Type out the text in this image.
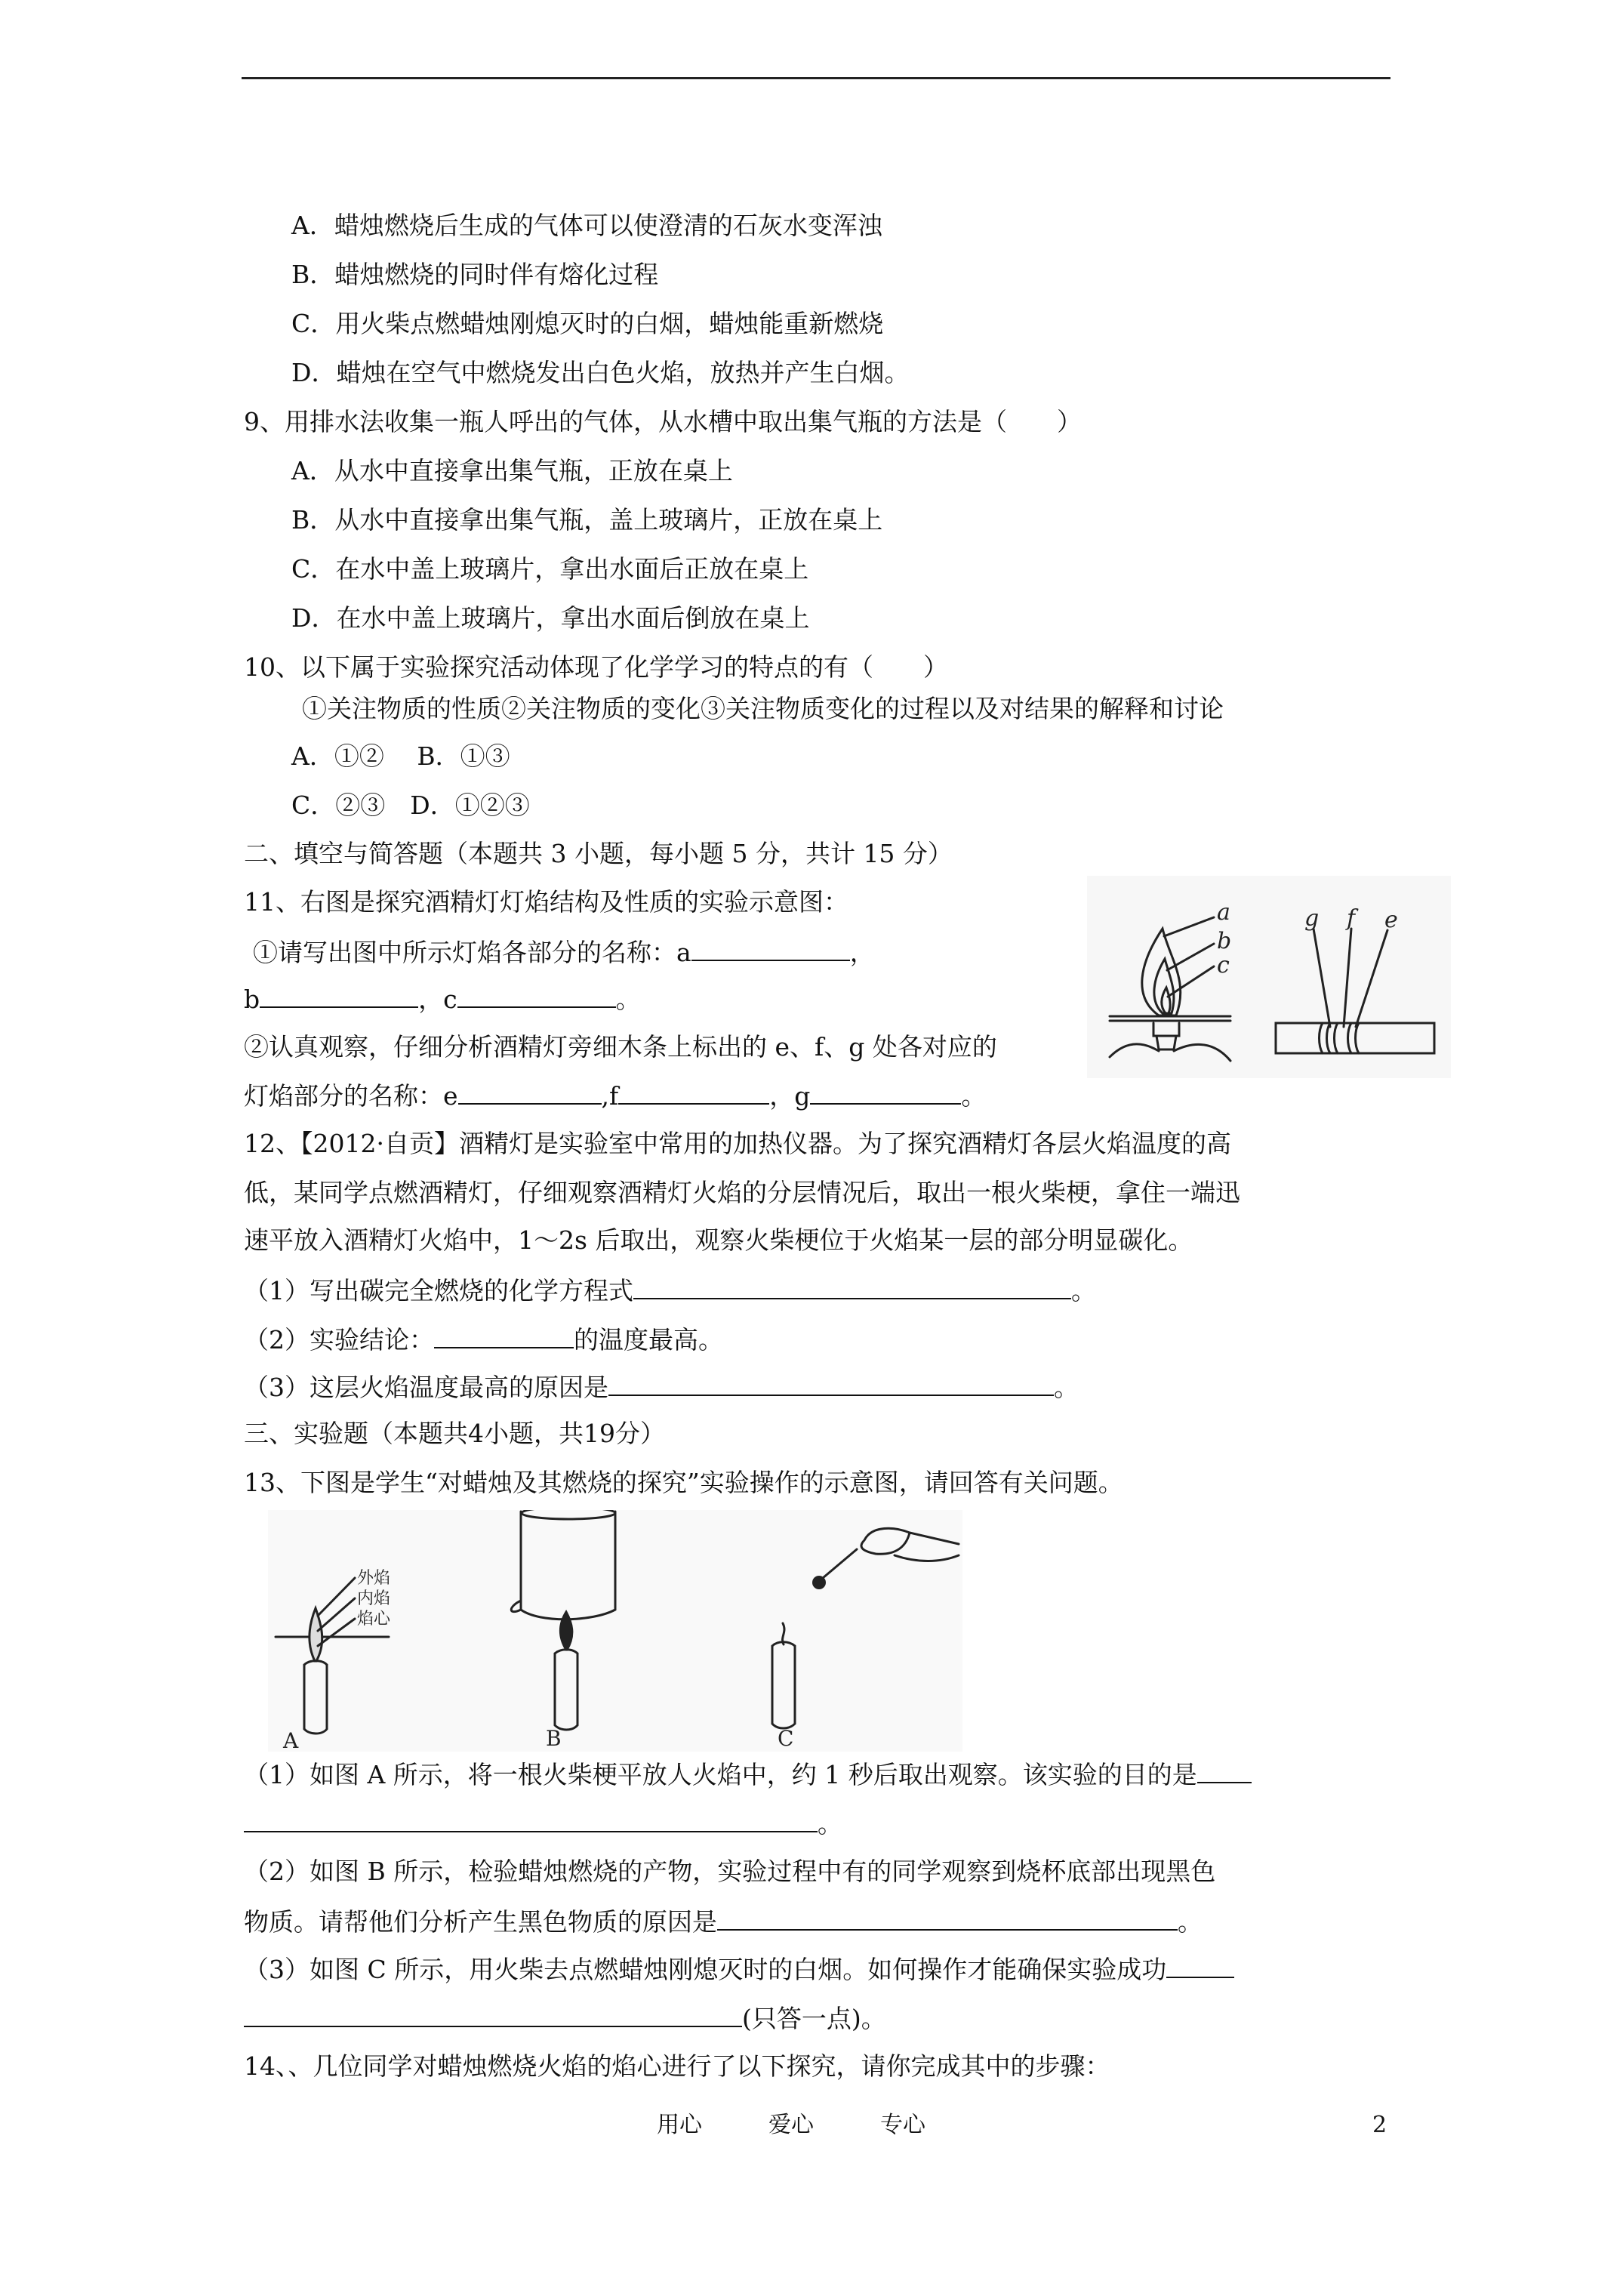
A．蜡烛燃烧后生成的气体可以使澄清的石灰水变浑浊
B．蜡烛燃烧的同时伴有熔化过程
C．用火柴点燃蜡烛刚熄灭时的白烟，蜡烛能重新燃烧
D．蜡烛在空气中燃烧发出白色火焰，放热并产生白烟。
9、用排水法收集一瓶人呼出的气体，从水槽中取出集气瓶的方法是（　　）
A．从水中直接拿出集气瓶，正放在桌上
B．从水中直接拿出集气瓶，盖上玻璃片，正放在桌上
C．在水中盖上玻璃片，拿出水面后正放在桌上
D．在水中盖上玻璃片，拿出水面后倒放在桌上
10、以下属于实验探究活动体现了化学学习的特点的有（　　）
①关注物质的性质②关注物质的变化③关注物质变化的过程以及对结果的解释和讨论
A．①②　 B．①③
C．②③　D．①②③
二、填空与简答题（本题共 3 小题，每小题 5 分，共计 15 分）
11、右图是探究酒精灯灯焰结构及性质的实验示意图：
①请写出图中所示灯焰各部分的名称：a	，
b	，c	。
②认真观察，仔细分析酒精灯旁细木条上标出的 e、f、g 处各对应的
灯焰部分的名称：e	,f	，g	。
a
b
c
g f e
12、【2012·自贡】酒精灯是实验室中常用的加热仪器。为了探究酒精灯各层火焰温度的高
低，某同学点燃酒精灯，仔细观察酒精灯火焰的分层情况后，取出一根火柴梗，拿住一端迅
速平放入酒精灯火焰中，1～2s 后取出，观察火柴梗位于火焰某一层的部分明显碳化。
（1）写出碳完全燃烧的化学方程式	。
（2）实验结论：	的温度最高。
（3）这层火焰温度最高的原因是	。
三、实验题（本题共4小题，共19分）
13、下图是学生“对蜡烛及其燃烧的探究”实验操作的示意图，请回答有关问题。
外焰
内焰
焰心
A	B	C
（1）如图 A 所示，将一根火柴梗平放人火焰中，约 1 秒后取出观察。该实验的目的是
。
（2）如图 B 所示，检验蜡烛燃烧的产物，实验过程中有的同学观察到烧杯底部出现黑色
物质。请帮他们分析产生黑色物质的原因是	。
（3）如图 C 所示，用火柴去点燃蜡烛刚熄灭时的白烟。如何操作才能确保实验成功
(只答一点)。
14、、几位同学对蜡烛燃烧火焰的焰心进行了以下探究，请你完成其中的步骤：
用心	爱心	专心	2
